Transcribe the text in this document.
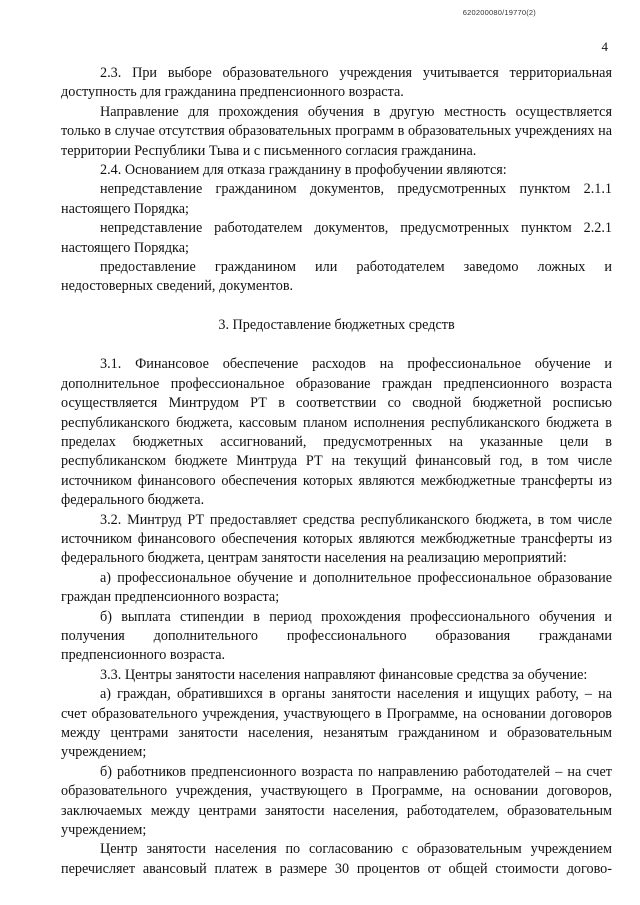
620200080/19770(2)
4

2.3. При выборе образовательного учреждения учитывается территориальная доступность для гражданина предпенсионного возраста.

Направление для прохождения обучения в другую местность осуществляется только в случае отсутствия образовательных программ в образовательных учреждениях на территории Республики Тыва и с письменного согласия гражданина.

2.4. Основанием для отказа гражданину в профобучении являются:

непредставление гражданином документов, предусмотренных пунктом 2.1.1 настоящего Порядка;

непредставление работодателем документов, предусмотренных пунктом 2.2.1 настоящего Порядка;

предоставление гражданином или работодателем заведомо ложных и недостоверных сведений, документов.

3. Предоставление бюджетных средств

3.1. Финансовое обеспечение расходов на профессиональное обучение и дополнительное профессиональное образование граждан предпенсионного возраста осуществляется Минтрудом РТ в соответствии со сводной бюджетной росписью республиканского бюджета, кассовым планом исполнения республиканского бюджета в пределах бюджетных ассигнований, предусмотренных на указанные цели в республиканском бюджете Минтруда РТ на текущий финансовый год, в том числе источником финансового обеспечения которых являются межбюджетные трансферты из федерального бюджета.

3.2. Минтруд РТ предоставляет средства республиканского бюджета, в том числе источником финансового обеспечения которых являются межбюджетные трансферты из федерального бюджета, центрам занятости населения на реализацию мероприятий:

а) профессиональное обучение и дополнительное профессиональное образование граждан предпенсионного возраста;

б) выплата стипендии в период прохождения профессионального обучения и получения дополнительного профессионального образования гражданами предпенсионного возраста.

3.3. Центры занятости населения направляют финансовые средства за обучение:

а) граждан, обратившихся в органы занятости населения и ищущих работу, – на счет образовательного учреждения, участвующего в Программе, на основании договоров между центрами занятости населения, незанятым гражданином и образовательным учреждением;

б) работников предпенсионного возраста по направлению работодателей – на счет образовательного учреждения, участвующего в Программе, на основании договоров, заключаемых между центрами занятости населения, работодателем, образовательным учреждением;

Центр занятости населения по согласованию с образовательным учреждением перечисляет авансовый платеж в размере 30 процентов от общей стоимости догово-
